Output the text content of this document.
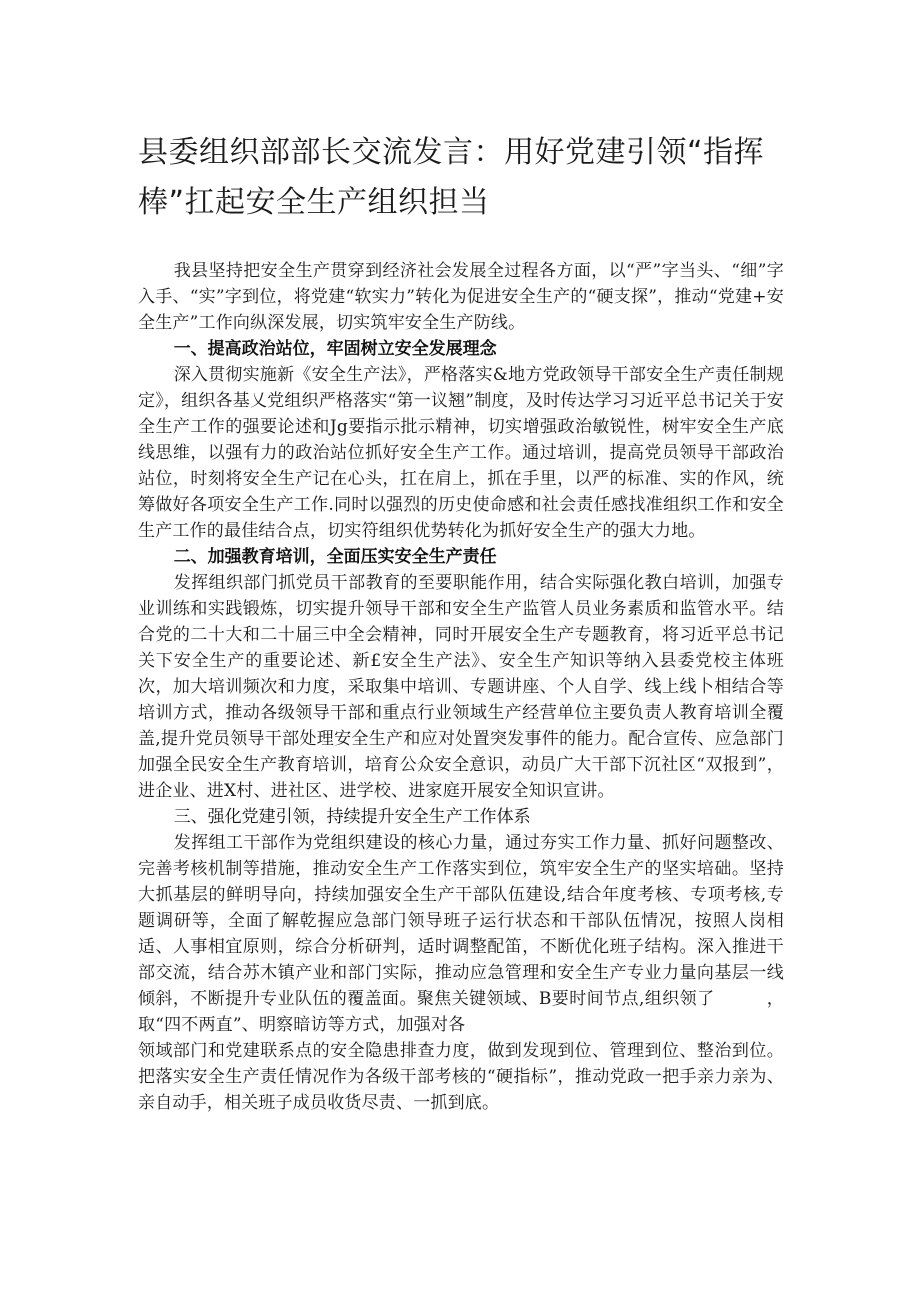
县委组织部部长交流发言：用好党建引领“指挥棒”扛起安全生产组织担当

我县坚持把安全生产贯穿到经济社会发展全过程各方面，以“严”字当头、“细”字入手、“实”字到位，将党建“软实力”转化为促进安全生产的“硬支探”，推动“党建+安全生产”工作向纵深发展，切实筑牢安全生产防线。

一、提高政治站位，牢固树立安全发展理念

深入贯彻实施新《安全生产法》，严格落实&地方党政领导干部安全生产责任制规定》，组织各基乂党组织严格落实“第一议翘”制度，及时传达学习习近平总书记关于安全生产工作的强要论述和Jg要指示批示精神，切实增强政治敏锐性，树牢安全生产底线思维，以强有力的政治站位抓好安全生产工作。通过培训，提高党员领导干部政治站位，时刻将安全生产记在心头，扛在肩上，抓在手里，以严的标准、实的作风，统筹做好各项安全生产工作.同时以强烈的历史使命感和社会责任感找准组织工作和安全生产工作的最佳结合点，切实符组织优势转化为抓好安全生产的强大力地。

二、加强教育培训，全面压实安全生产责任

发挥组织部门抓党员干部教育的至要职能作用，结合实际强化教白培训，加强专业训练和实践锻炼，切实提升领导干部和安全生产监管人员业务素质和监管水平。结合党的二十大和二十届三中全会精神，同时开展安全生产专题教育，将习近平总书记关下安全生产的重要论述、新£安全生产法》、安全生产知识等纳入县委党校主体班次，加大培训频次和力度，采取集中培训、专题讲座、个人自学、线上线卜相结合等培训方式，推动各级领导干部和重点行业领域生产经营单位主要负责人教育培训全覆盖,提升党员领导干部处理安全生产和应对处置突发事件的能力。配合宣传、应急部门加强全民安全生产教育培训，培育公众安全意识，动员广大干部下沉社区“双报到”，进企业、进X村、进社区、进学校、进家庭开展安全知识宣讲。

三、强化党建引领，持续提升安全生产工作体系

发挥组工干部作为党组织建设的核心力量，通过夯实工作力量、抓好问题整改、完善考核机制等措施，推动安全生产工作落实到位，筑牢安全生产的坚实培础。坚持大抓基层的鲜明导向，持续加强安全生产干部队伍建设,结合年度考核、专项考核,专题调研等，全面了解乾握应急部门领导班子运行状态和干部队伍情况，按照人岗相适、人事相宜原则，综合分析研判，适时调整配笛，不断优化班子结构。深入推进干部交流，结合苏木镇产业和部门实际，推动应急管理和安全生产专业力量向基层一线倾斜，不断提升专业队伍的覆盖面。聚焦关键领域、B要时间节点,组织领了　　　，取“四不两直”、明察暗访等方式，加强对各

领域部门和党建联系点的安全隐患排查力度，做到发现到位、管理到位、整治到位。把落实安全生产责任情况作为各级干部考核的“硬指标”，推动党政一把手亲力亲为、亲自动手，相关班子成员收货尽责、一抓到底。
